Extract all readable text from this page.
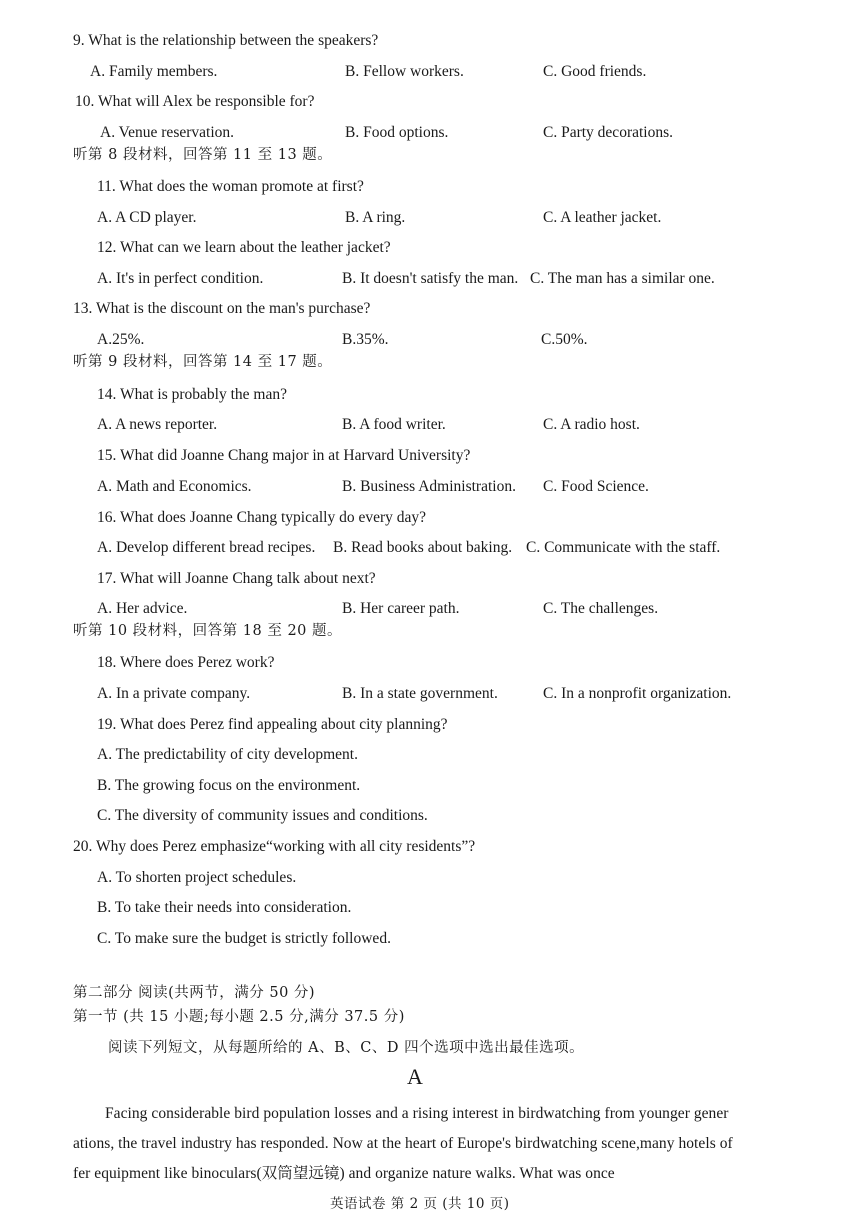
9. What is the relationship between the speakers?
A. Family members.	B. Fellow workers.	C. Good friends.
10. What will Alex be responsible for?
A. Venue reservation.	B. Food options.	C. Party decorations.
听第 8 段材料，回答第 11 至 13 题。
11. What does the woman promote at first?
A. A CD player.	B. A ring.	C. A leather jacket.
12. What can we learn about the leather jacket?
A. It's in perfect condition.	B. It doesn't satisfy the man. C. The man has a similar one.
13. What is the discount on the man's purchase?
A.25%.	B.35%.	C.50%.
听第 9 段材料，回答第 14 至 17 题。
14. What is probably the man?
A. A news reporter.	B. A food writer.	C. A radio host.
15. What did Joanne Chang major in at Harvard University?
A. Math and Economics.	B. Business Administration. C. Food Science.
16. What does Joanne Chang typically do every day?
A. Develop different bread recipes. B. Read books about baking. C. Communicate with the staff.
17. What will Joanne Chang talk about next?
A. Her advice.	B. Her career path.	C. The challenges.
听第 10 段材料，回答第 18 至 20 题。
18. Where does Perez work?
A. In a private company.	B. In a state government.	C. In a nonprofit organization.
19. What does Perez find appealing about city planning?
A. The predictability of city development.
B. The growing focus on the environment.
C. The diversity of community issues and conditions.
20. Why does Perez emphasize“working with all city residents”?
A. To shorten project schedules.
B. To take their needs into consideration.
C. To make sure the budget is strictly followed.
第二部分 阅读(共两节，满分 50 分)
第一节 (共 15 小题;每小题 2.5 分,满分 37.5 分)
阅读下列短文，从每题所给的 A、B、C、D 四个选项中选出最佳选项。
A
Facing considerable bird population losses and a rising interest in birdwatching from younger gener
ations, the travel industry has responded. Now at the heart of Europe's birdwatching scene,many hotels of
fer equipment like binoculars(双筒望远镜) and organize nature walks. What was once
英语试卷 第 2 页 (共 10 页)
